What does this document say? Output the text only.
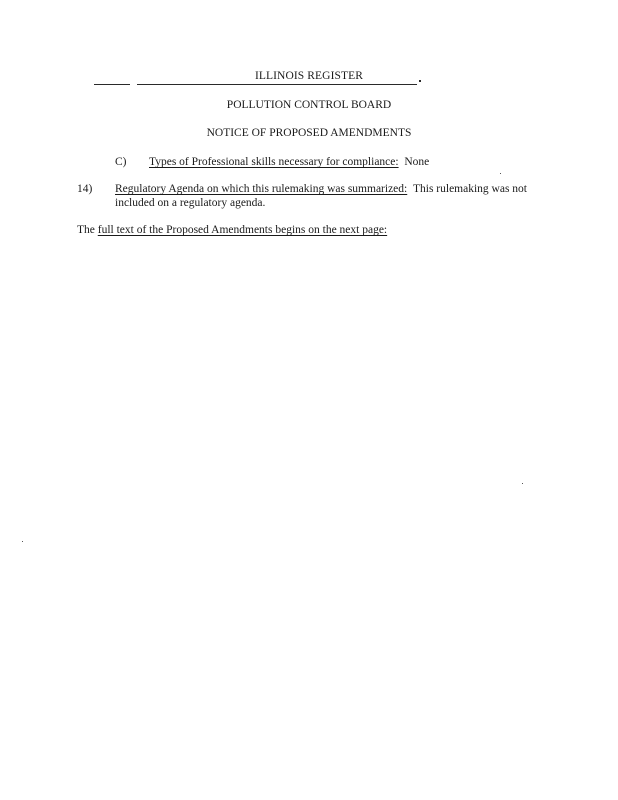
ILLINOIS REGISTER
POLLUTION CONTROL BOARD
NOTICE OF PROPOSED AMENDMENTS
C) Types of Professional skills necessary for compliance: None
14) Regulatory Agenda on which this rulemaking was summarized: This rulemaking was not
included on a regulatory agenda.
The full text of the Proposed Amendments begins on the next page:
